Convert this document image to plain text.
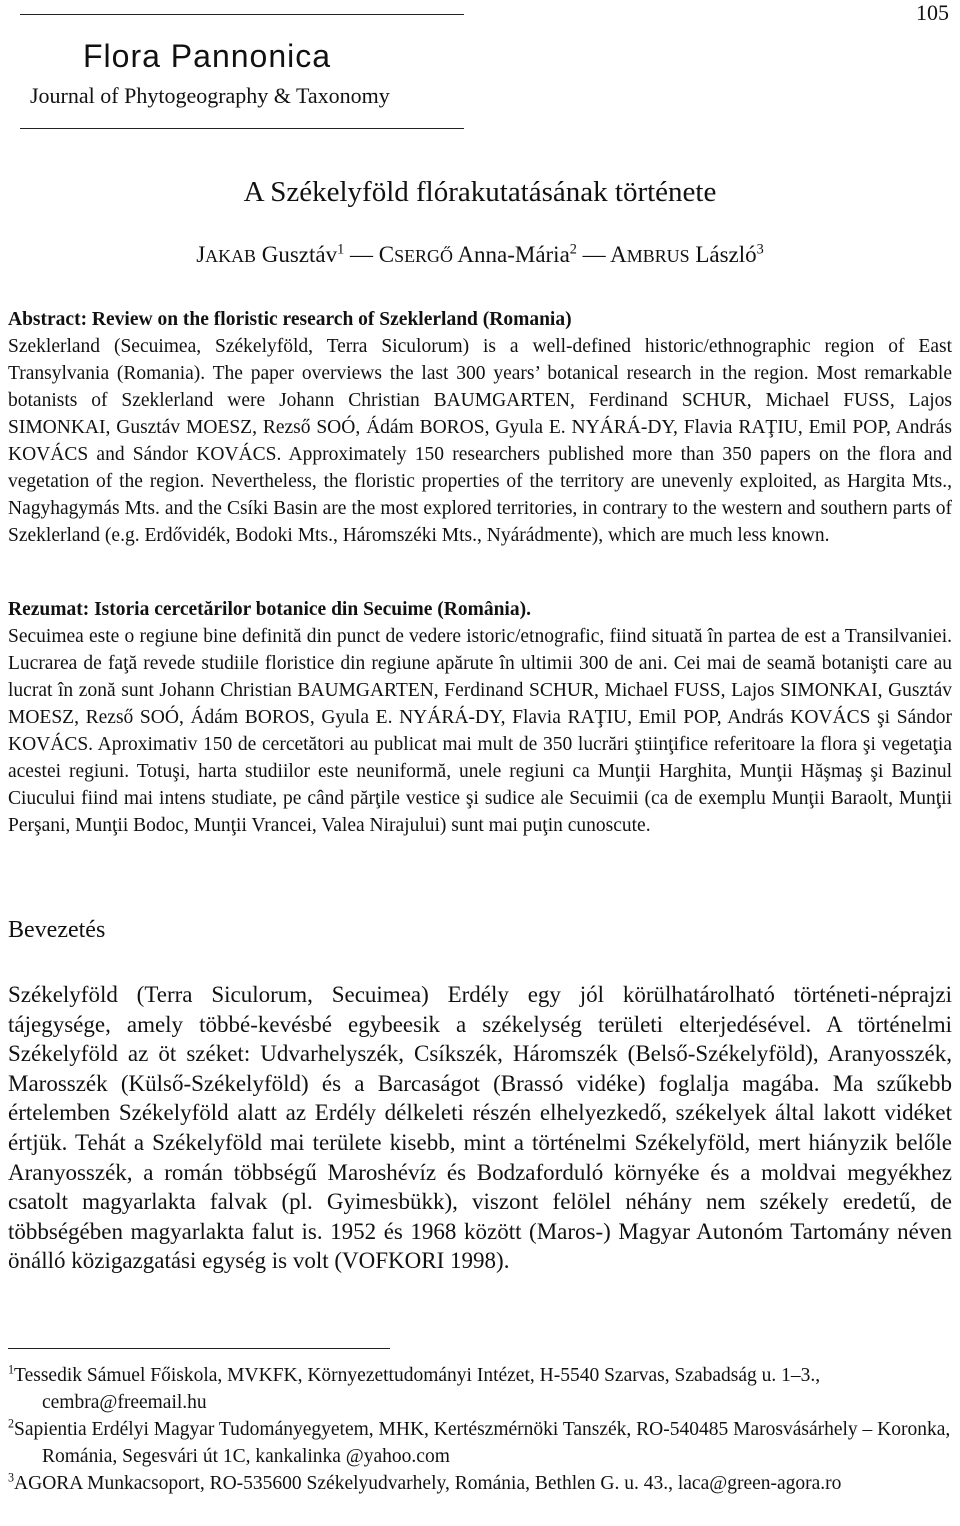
105
Flora Pannonica
Journal of Phytogeography & Taxonomy
A Székelyföld flórakutatásának története
JAKAB Gusztáv$^1$ — CSERGŐ Anna-Mária$^2$ — AMBRUS László$^3$

Abstract: Review on the floristic research of Szeklerland (Romania)

Szeklerland (Secuimea, Székelyföld, Terra Siculorum) is a well-defined historic/ethnographic region of East Transylvania (Romania). The paper overviews the last 300 years’ botanical research in the region. Most remarkable botanists of Szeklerland were Johann Christian BAUMGARTEN, Ferdinand SCHUR, Michael FUSS, Lajos SIMONKAI, Gusztáv MOESZ, Rezső SOÓ, Ádám BOROS, Gyula E. NYÁRÁ-DY, Flavia RAŢIU, Emil POP, András KOVÁCS and Sándor KOVÁCS. Approximately 150 researchers published more than 350 papers on the flora and vegetation of the region. Nevertheless, the floristic properties of the territory are unevenly exploited, as Hargita Mts., Nagyhagymás Mts. and the Csíki Basin are the most explored territories, in contrary to the western and southern parts of Szeklerland (e.g. Erdővidék, Bodoki Mts., Háromszéki Mts., Nyárádmente), which are much less known.

Rezumat: Istoria cercetărilor botanice din Secuime (România).

Secuimea este o regiune bine definită din punct de vedere istoric/etnografic, fiind situată în partea de est a Transilvaniei. Lucrarea de faţă revede studiile floristice din regiune apărute în ultimii 300 de ani. Cei mai de seamă botanişti care au lucrat în zonă sunt Johann Christian BAUMGARTEN, Ferdinand SCHUR, Michael FUSS, Lajos SIMONKAI, Gusztáv MOESZ, Rezső SOÓ, Ádám BOROS, Gyula E. NYÁRÁ-DY, Flavia RAŢIU, Emil POP, András KOVÁCS şi Sándor KOVÁCS. Aproximativ 150 de cercetători au publicat mai mult de 350 lucrări ştiinţifice referitoare la flora şi vegetaţia acestei regiuni. Totuşi, harta studiilor este neuniformă, unele regiuni ca Munţii Harghita, Munţii Hăşmaş şi Bazinul Ciucului fiind mai intens studiate, pe când părţile vestice şi sudice ale Secuimii (ca de exemplu Munţii Baraolt, Munţii Perşani, Munţii Bodoc, Munţii Vrancei, Valea Nirajului) sunt mai puţin cunoscute.

Bevezetés
Székelyföld (Terra Siculorum, Secuimea) Erdély egy jól körülhatárolható történeti-néprajzi tájegysége, amely többé-kevésbé egybeesik a székelység területi elterjedésével. A történelmi Székelyföld az öt széket: Udvarhelyszék, Csíkszék, Háromszék (Belső-Székelyföld), Aranyosszék, Marosszék (Külső-Székelyföld) és a Barcaságot (Brassó vidéke) foglalja magába. Ma szűkebb értelemben Székelyföld alatt az Erdély délkeleti részén elhelyezkedő, székelyek által lakott vidéket értjük. Tehát a Székelyföld mai területe kisebb, mint a történelmi Székelyföld, mert hiányzik belőle Aranyosszék, a román többségű Maroshévíz és Bodzaforduló környéke és a moldvai megyékhez csatolt magyarlakta falvak (pl. Gyimesbükk), viszont felölel néhány nem székely eredetű, de többségében magyarlakta falut is. 1952 és 1968 között (Maros-) Magyar Autonóm Tartomány néven önálló közigazgatási egység is volt (VOFKORI 1998).

$^1$Tessedik Sámuel Főiskola, MVKFK, Környezettudományi Intézet, H-5540 Szarvas, Szabadság u. 1–3., cembra@freemail.hu

$^2$Sapientia Erdélyi Magyar Tudományegyetem, MHK, Kertészmérnöki Tanszék, RO-540485 Marosvásárhely – Koronka, Románia, Segesvári út 1C, kankalinka @yahoo.com

$^3$AGORA Munkacsoport, RO-535600 Székelyudvarhely, Románia, Bethlen G. u. 43., laca@green-agora.ro
